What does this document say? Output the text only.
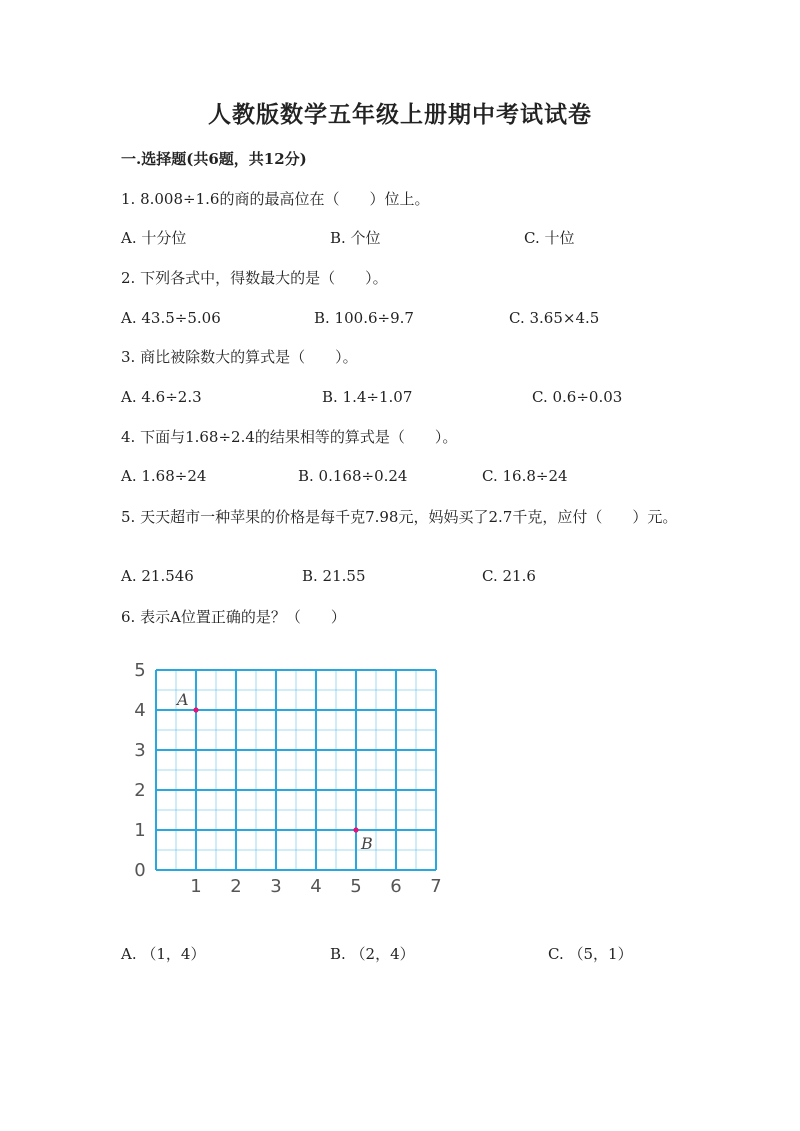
人教版数学五年级上册期中考试试卷
一.选择题(共6题，共12分)

1. 8.008÷1.6的商的最高位在（　　）位上。

A. 十分位	B. 个位	C. 十位

2. 下列各式中，得数最大的是（　　）。

A. 43.5÷5.06	B. 100.6÷9.7	C. 3.65×4.5

3. 商比被除数大的算式是（　　）。

A. 4.6÷2.3	B. 1.4÷1.07	C. 0.6÷0.03

4. 下面与1.68÷2.4的结果相等的算式是（　　）。

A. 1.68÷24	B. 0.168÷0.24	C. 16.8÷24

5. 天天超市一种苹果的价格是每千克7.98元，妈妈买了2.7千克，应付（　　）元。

A. 21.546	B. 21.55	C. 21.6

6. 表示A位置正确的是？（　　）

1 2 3 4 5 6 7
0
1
2
3
4
5
A
B

A. （1，4）	B. （2，4）	C. （5，1）
